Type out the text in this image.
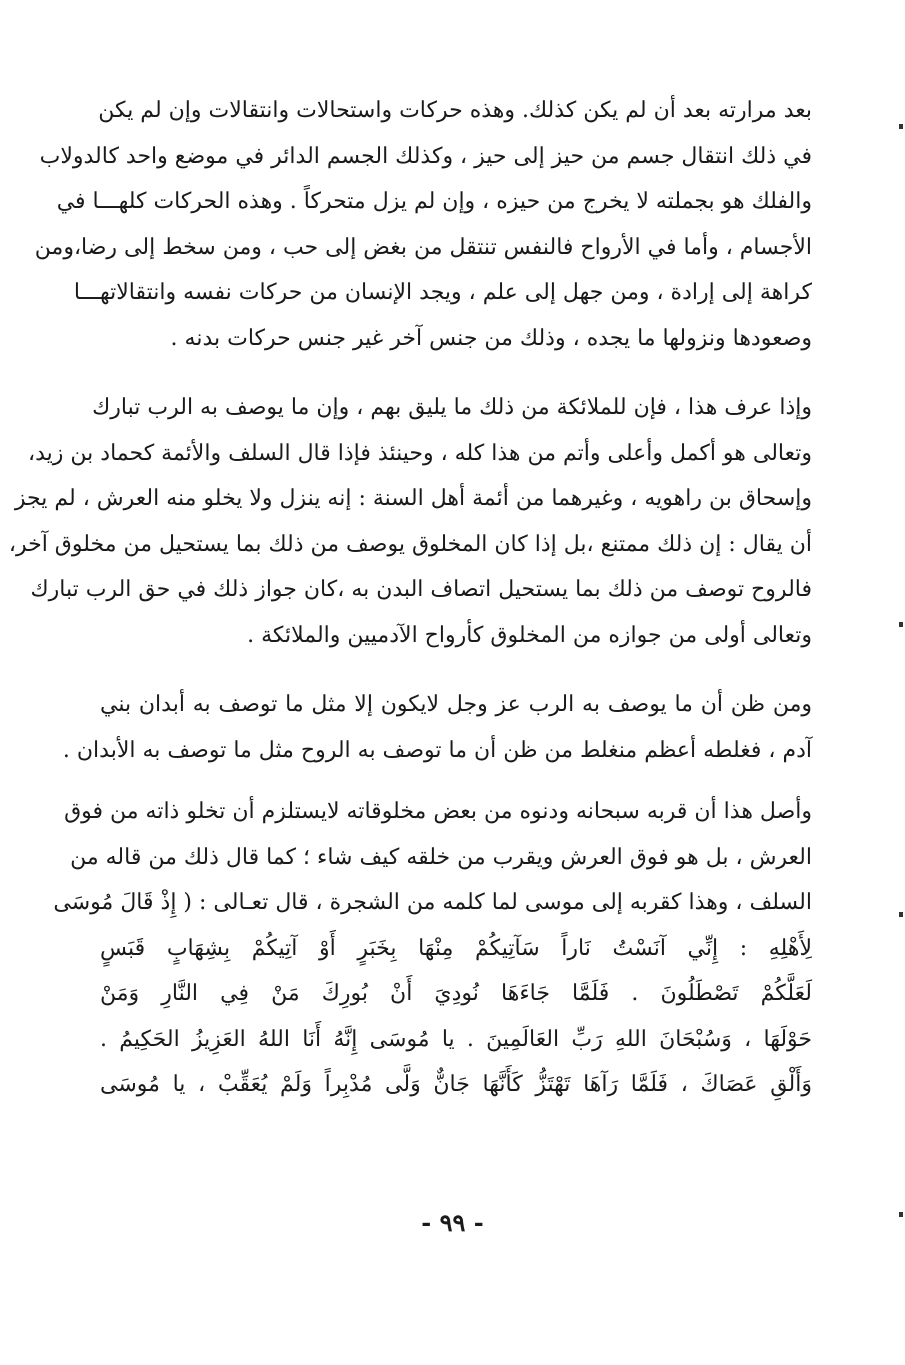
بعد مرارته بعد أن لم يكن كذلك. وهذه حركات واستحالات وانتقالات وإن لم يكن
في ذلك انتقال جسم من حيز إلى حيز ، وكذلك الجسم الدائر في موضع واحد كالدولاب
والفلك هو بجملته لا يخرج من حيزه ، وإن لم يزل متحركاً . وهذه الحركات كلهـــا في
الأجسام ، وأما في الأرواح فالنفس تنتقل من بغض إلى حب ، ومن سخط إلى رضا،ومن
كراهة إلى إرادة ، ومن جهل إلى علم ، ويجد الإنسان من حركات نفسه وانتقالاتهـــا
وصعودها ونزولها ما يجده ، وذلك من جنس آخر غير جنس حركات بدنه .
وإذا عرف هذا ، فإن للملائكة من ذلك ما يليق بهم ، وإن ما يوصف به الرب تبارك
وتعالى هو أكمل وأعلى وأتم من هذا كله ، وحينئذ فإذا قال السلف والأئمة كحماد بن زيد،
وإسحاق بن راهويه ، وغيرهما من أئمة أهل السنة : إنه ينزل ولا يخلو منه العرش ، لم يجز
أن يقال : إن ذلك ممتنع ،بل إذا كان المخلوق يوصف من ذلك بما يستحيل من مخلوق آخر،
فالروح توصف من ذلك بما يستحيل اتصاف البدن به ،كان جواز ذلك في حق الرب تبارك
وتعالى أولى من جوازه من المخلوق كأرواح الآدميين والملائكة .
ومن ظن أن ما يوصف به الرب عز وجل لايكون إلا مثل ما توصف به أبدان بني
آدم ، فغلطه أعظم منغلط من ظن أن ما توصف به الروح مثل ما توصف به الأبدان .
وأصل هذا أن قربه سبحانه ودنوه من بعض مخلوقاته لايستلزم أن تخلو ذاته من فوق
العرش ، بل هو فوق العرش ويقرب من خلقه كيف شاء ؛ كما قال ذلك من قاله من
السلف ، وهذا كقربه إلى موسى لما كلمه من الشجرة ، قال تعـالى : ( إِذْ قَالَ مُوسَى
لِأَهْلِهِ : إِنِّي آنَسْتُ نَاراً سَآتِيكُمْ مِنْهَا بِخَبَرٍ أَوْ آتِيكُمْ بِشِهَابٍ قَبَسٍ
لَعَلَّكُمْ تَصْطَلُونَ . فَلَمَّا جَاءَهَا نُودِيَ أَنْ بُورِكَ مَنْ فِي النَّارِ وَمَنْ
حَوْلَهَا ، وَسُبْحَانَ اللهِ رَبِّ العَالَمِينَ . يا مُوسَى إِنَّهُ أَنَا اللهُ العَزِيزُ الحَكِيمُ .
وَأَلْقِ عَصَاكَ ، فَلَمَّا رَآهَا تَهْتَزُّ كَأَنَّهَا جَانٌّ وَلَّى مُدْبِراً وَلَمْ يُعَقِّبْ ، يا مُوسَى
- ٩٩ -
